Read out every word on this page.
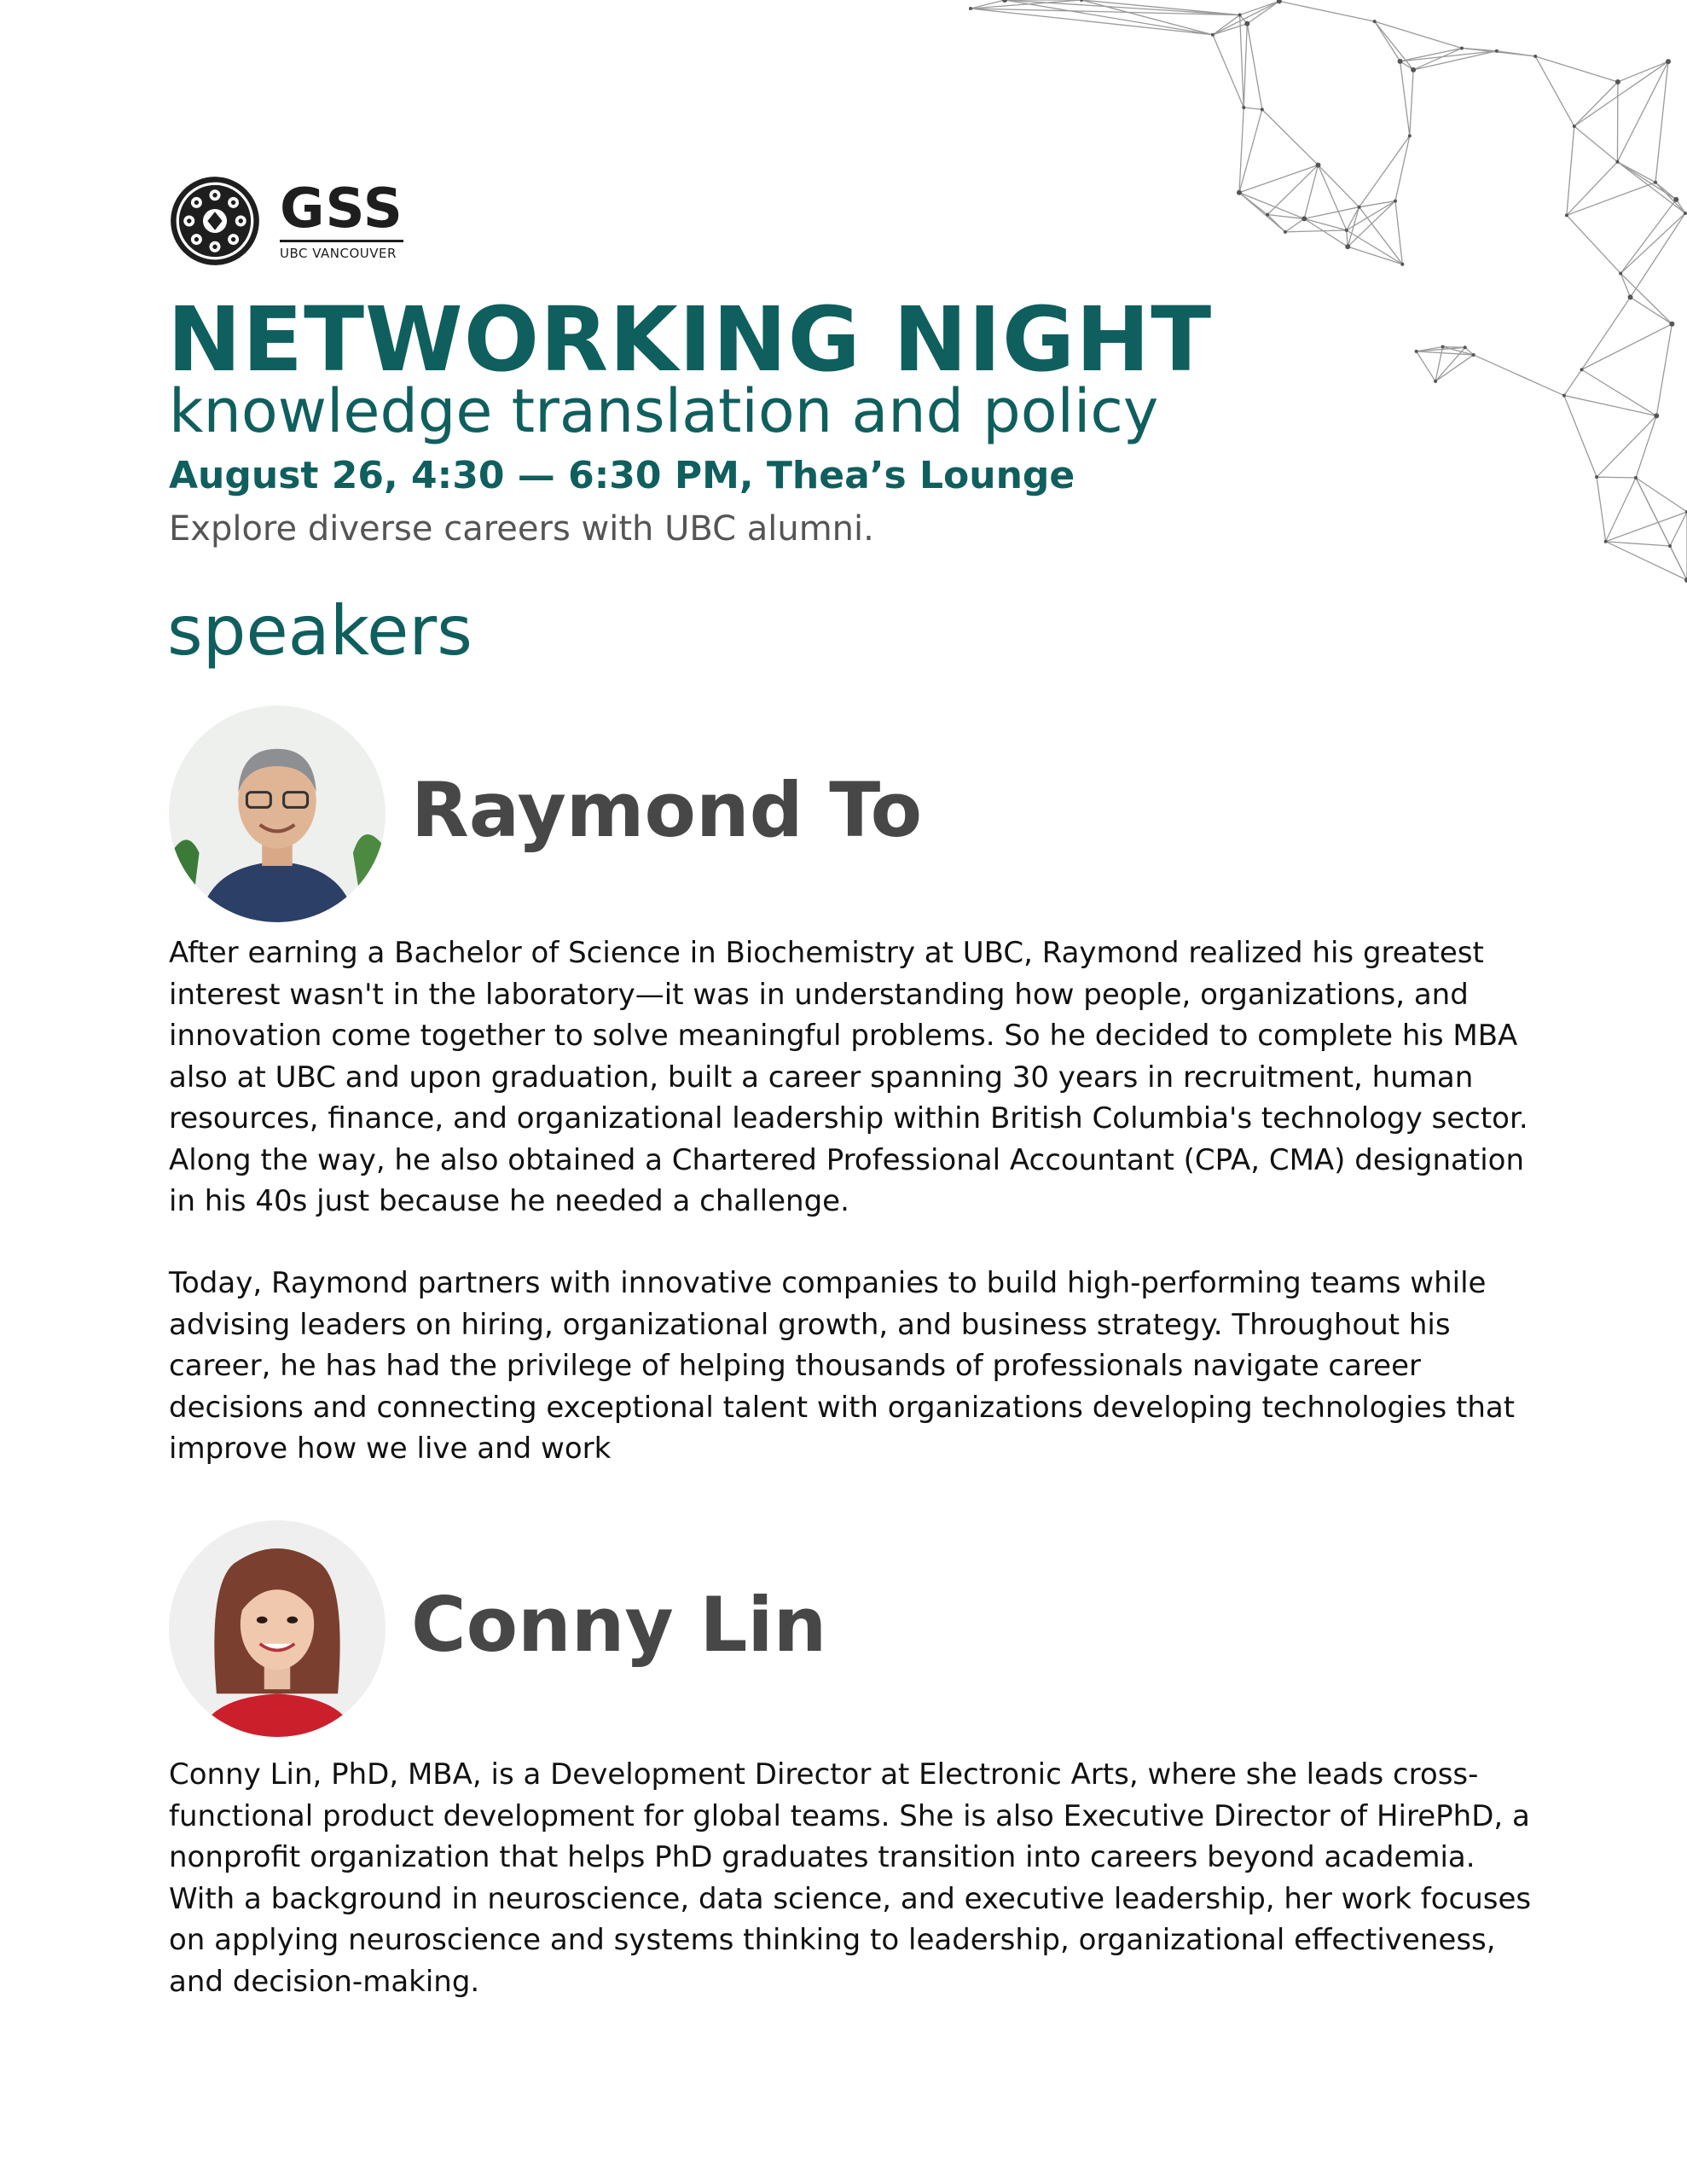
GSS
UBC VANCOUVER
NETWORKING NIGHT
knowledge translation and policy

August 26, 4:30 — 6:30 PM, Thea’s Lounge

Explore diverse careers with UBC alumni.

speakers
Raymond To

After earning a Bachelor of Science in Biochemistry at UBC, Raymond realized his greatest interest wasn't in the laboratory—it was in understanding how people, organizations, and innovation come together to solve meaningful problems. So he decided to complete his MBA also at UBC and upon graduation, built a career spanning 30 years in recruitment, human resources, finance, and organizational leadership within British Columbia's technology sector. Along the way, he also obtained a Chartered Professional Accountant (CPA, CMA) designation in his 40s just because he needed a challenge.

Today, Raymond partners with innovative companies to build high-performing teams while advising leaders on hiring, organizational growth, and business strategy. Throughout his career, he has had the privilege of helping thousands of professionals navigate career decisions and connecting exceptional talent with organizations developing technologies that improve how we live and work

Conny Lin

Conny Lin, PhD, MBA, is a Development Director at Electronic Arts, where she leads cross-functional product development for global teams. She is also Executive Director of HirePhD, a nonprofit organization that helps PhD graduates transition into careers beyond academia. With a background in neuroscience, data science, and executive leadership, her work focuses on applying neuroscience and systems thinking to leadership, organizational effectiveness, and decision-making.
